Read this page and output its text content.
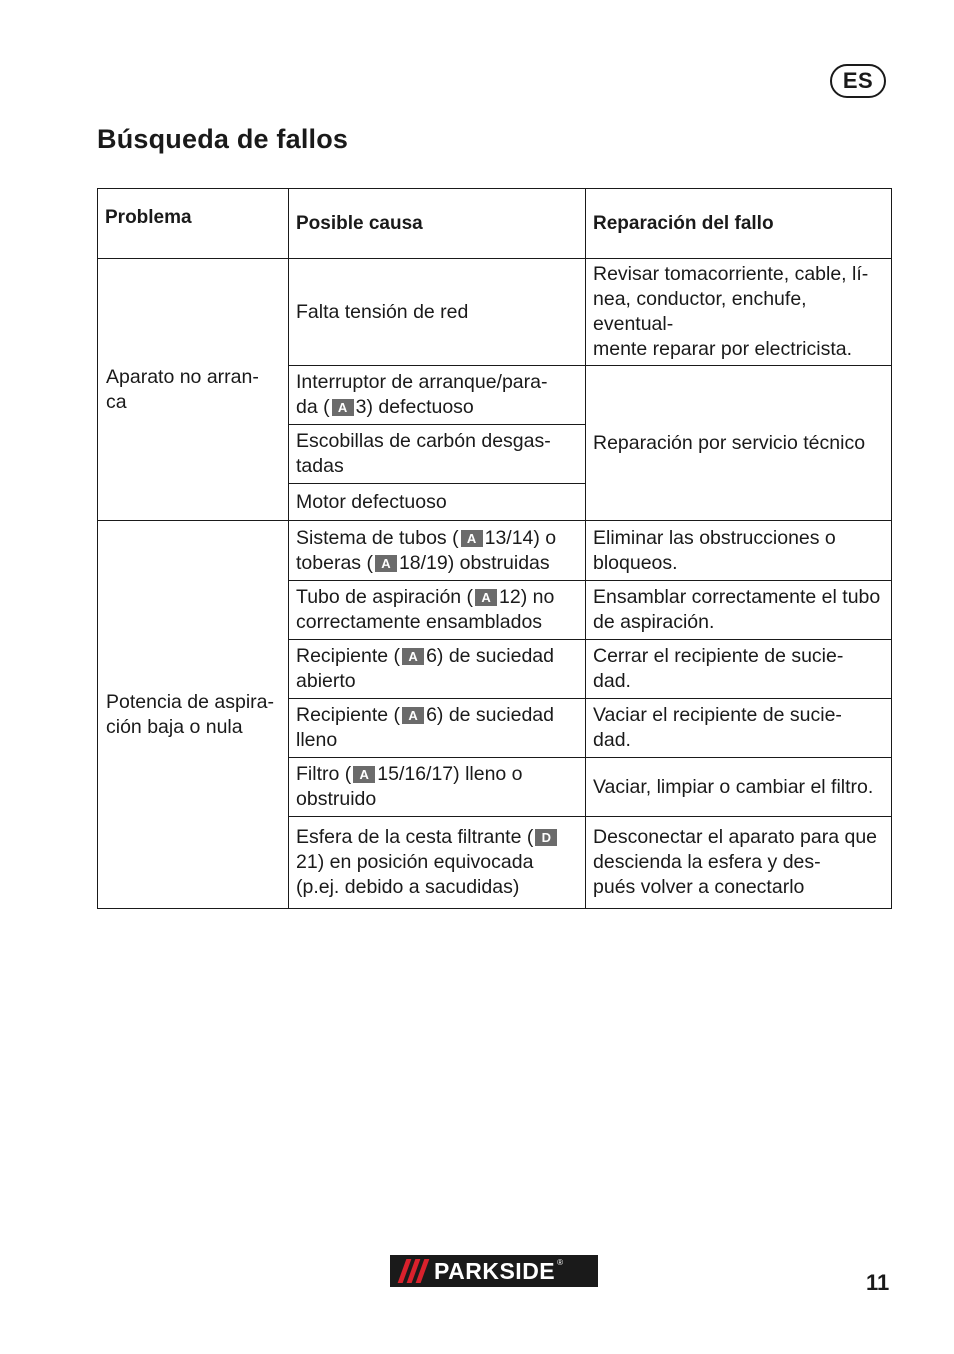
ES
Búsqueda de fallos
Problema	Posible causa	Reparación del fallo
Aparato no arran-
ca	Falta tensión de red	Revisar tomacorriente, cable, lí-
nea, conductor, enchufe, eventual-
mente reparar por electricista.
	Interruptor de arranque/para-
da ( A 3) defectuoso	Reparación por servicio técnico
	Escobillas de carbón desgas-
tadas	
	Motor defectuoso	
Potencia de aspira-
ción baja o nula	Sistema de tubos ( A 13/14) o toberas ( A 18/19) obstruidas	Eliminar las obstrucciones o bloqueos.
	Tubo de aspiración ( A 12) no correctamente ensamblados	Ensamblar correctamente el tubo de aspiración.
	Recipiente ( A 6) de suciedad abierto	Cerrar el recipiente de sucie-
dad.
	Recipiente ( A 6) de suciedad lleno	Vaciar el recipiente de sucie-
dad.
	Filtro ( A 15/16/17) lleno o obstruido	Vaciar, limpiar o cambiar el filtro.
	Esfera de la cesta filtrante ( D21) en posición equivocada (p.ej. debido a sacudidas)	Desconectar el aparato para que descienda la esfera y des-
pués volver a conectarlo
PARKSIDE ®
11
